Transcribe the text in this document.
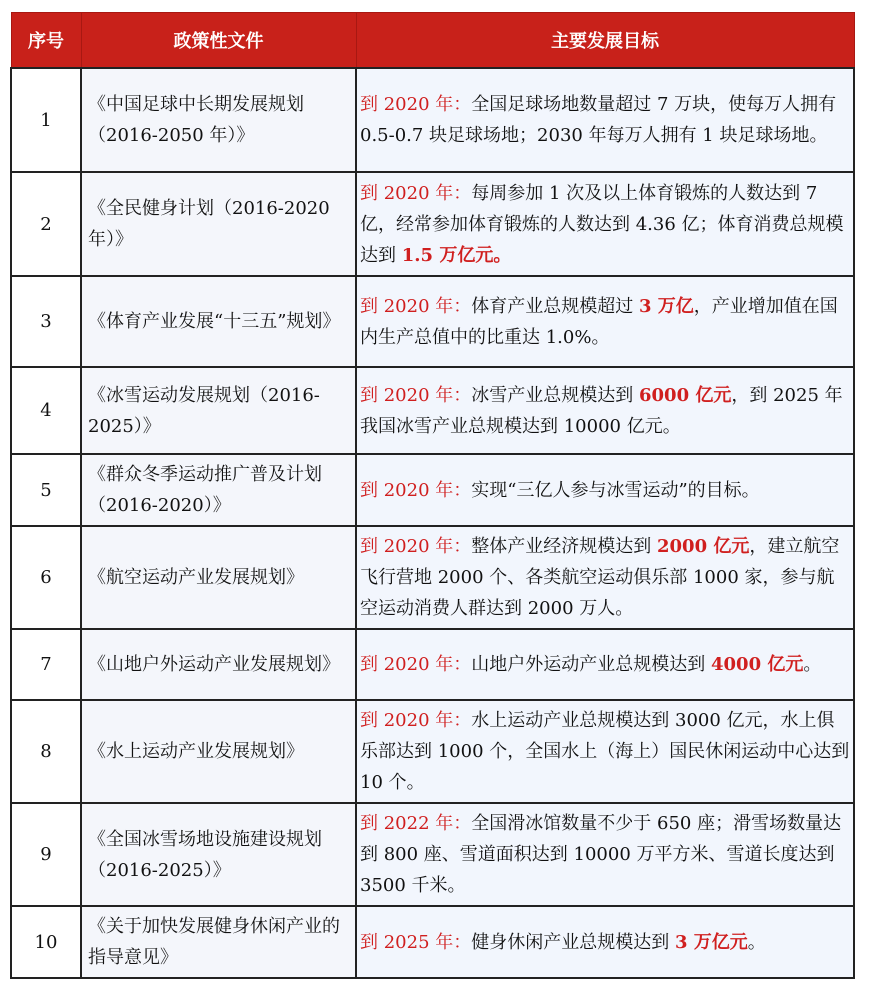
序号	政策性文件	主要发展目标
1	《中国足球中长期发展规划（2016-2050 年）》	到 2020 年：全国足球场地数量超过 7 万块，使每万人拥有 0.5-0.7 块足球场地；2030 年每万人拥有 1 块足球场地。
2	《全民健身计划（2016-2020 年）》	到 2020 年：每周参加 1 次及以上体育锻炼的人数达到 7 亿，经常参加体育锻炼的人数达到 4.36 亿；体育消费总规模达到 1.5 万亿元。
3	《体育产业发展“十三五”规划》	到 2020 年：体育产业总规模超过 3 万亿，产业增加值在国内生产总值中的比重达 1.0%。
4	《冰雪运动发展规划（2016-2025）》	到 2020 年：冰雪产业总规模达到 6000 亿元，到 2025 年我国冰雪产业总规模达到 10000 亿元。
5	《群众冬季运动推广普及计划（2016-2020）》	到 2020 年：实现“三亿人参与冰雪运动”的目标。
6	《航空运动产业发展规划》	到 2020 年：整体产业经济规模达到 2000 亿元，建立航空飞行营地 2000 个、各类航空运动俱乐部 1000 家，参与航空运动消费人群达到 2000 万人。
7	《山地户外运动产业发展规划》	到 2020 年：山地户外运动产业总规模达到 4000 亿元。
8	《水上运动产业发展规划》	到 2020 年：水上运动产业总规模达到 3000 亿元，水上俱乐部达到 1000 个，全国水上（海上）国民休闲运动中心达到 10 个。
9	《全国冰雪场地设施建设规划（2016-2025）》	到 2022 年：全国滑冰馆数量不少于 650 座；滑雪场数量达到 800 座、雪道面积达到 10000 万平方米、雪道长度达到 3500 千米。
10	《关于加快发展健身休闲产业的指导意见》	到 2025 年：健身休闲产业总规模达到 3 万亿元。
